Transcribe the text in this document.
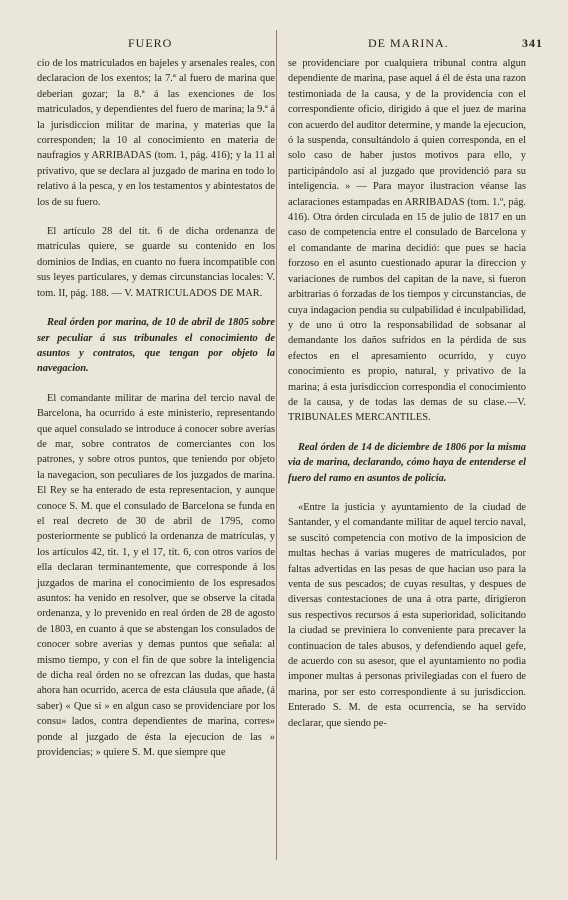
FUERO	DE MARINA.	341

cio de los matriculados en bajeles y arsenales reales, con declaracion de los exentos; la 7.ª al fuero de marina que deberian gozar; la 8.ª á las exenciones de los matriculados, y dependientes del fuero de marina; la 9.ª á la jurisdiccion militar de marina, y materias que la corresponden; la 10 al conocimiento en materia de naufragios y ARRIBADAS (tom. 1, pág. 416); y la 11 al privativo, que se declara al juzgado de marina en todo lo relativo á la pesca, y en los testamentos y abintestatos de los de su fuero.

El artículo 28 del tít. 6 de dicha ordenanza de matrículas quiere, se guarde su contenido en los dominios de Indias, en cuanto no fuera incompatible con sus leyes particulares, y demas circunstancias locales: V. tom. II, pág. 188. — V. MATRICULADOS DE MAR.

Real órden por marina, de 10 de abril de 1805 sobre ser peculiar á sus tribunales el conocimiento de asuntos y contratos, que tengan por objeto la navegacion.

El comandante militar de marina del tercio naval de Barcelona, ha ocurrido á este ministerio, representando que aquel consulado se introduce á conocer sobre averías de mar, sobre contratos de comerciantes con los patrones, y sobre otros puntos, que teniendo por objeto la navegacion, son peculiares de los juzgados de marina. El Rey se ha enterado de esta representacion, y aunque conoce S. M. que el consulado de Barcelona se funda en el real decreto de 30 de abril de 1795, como posteriormente se publicó la ordenanza de matrículas, y los artículos 42, tit. 1, y el 17, tit. 6, con otros varios de ella declaran terminantemente, que corresponde á los juzgados de marina el conocimiento de los espresados asuntos: ha venido en resolver, que se observe la citada ordenanza, y lo prevenido en real órden de 28 de agosto de 1803, en cuanto á que se abstengan los consulados de conocer sobre averías y demas puntos que señala: al mismo tiempo, y con el fin de que sobre la inteligencia de dicha real órden no se ofrezcan las dudas, que hasta ahora han ocurrido, acerca de esta cláusula que añade, (á saber) « Que si » en algun caso se providenciare por los consu» lados, contra dependientes de marina, corres» ponde al juzgado de ésta la ejecucion de las » providencias; » quiere S. M. que siempre que

se providenciare por cualquiera tribunal contra algun dependiente de marina, pase aquel á él de ésta una razon testimoniada de la causa, y de la providencia con el correspondiente oficio, dirigido á que el juez de marina con acuerdo del auditor determine, y mande la ejecucion, ó la suspenda, consultándolo á quien corresponda, en el solo caso de haber justos motivos para ello, y participándolo así al juzgado que providenció para su inteligencia. » — Para mayor ilustracion véanse las aclaraciones estampadas en ARRIBADAS (tom. 1.º, pág. 416). Otra órden circulada en 15 de julio de 1817 en un caso de competencia entre el consulado de Barcelona y el comandante de marina decidió: que pues se hacia forzoso en el asunto cuestionado apurar la direccion y variaciones de rumbos del capitan de la nave, si fueron arbitrarias ó forzadas de los tiempos y circunstancias, de cuya indagacion pendia su culpabilidad é inculpabilidad, y de uno ú otro la responsabilidad de sobsanar al demandante los daños sufridos en la pérdida de sus efectos en el apresamiento ocurrido, y cuyo conocimiento es propio, natural, y privativo de la marina; á esta jurisdiccion correspondia el conocimiento de la causa, y de todas las demas de su clase.—V. TRIBUNALES MERCANTILES.

Real órden de 14 de diciembre de 1806 por la misma via de marina, declarando, cómo haya de entenderse el fuero del ramo en asuntos de policía.

«Entre la justicia y ayuntamiento de la ciudad de Santander, y el comandante militar de aquel tercio naval, se suscitó competencia con motivo de la imposicion de multas hechas á varias mugeres de matriculados, por faltas advertidas en las pesas de que hacian uso para la venta de sus pescados; de cuyas resultas, y despues de diversas contestaciones de una á otra parte, dirigieron sus respectivos recursos á esta superioridad, solicitando la ciudad se previniera lo conveniente para precaver la continuacion de tales abusos, y defendiendo aquel gefe, de acuerdo con su asesor, que el ayuntamiento no podia imponer multas á personas privilegiadas con el fuero de marina, por ser esto correspondiente á su jurisdiccion. Enterado S. M. de esta ocurrencia, se ha servido declarar, que siendo pe-
